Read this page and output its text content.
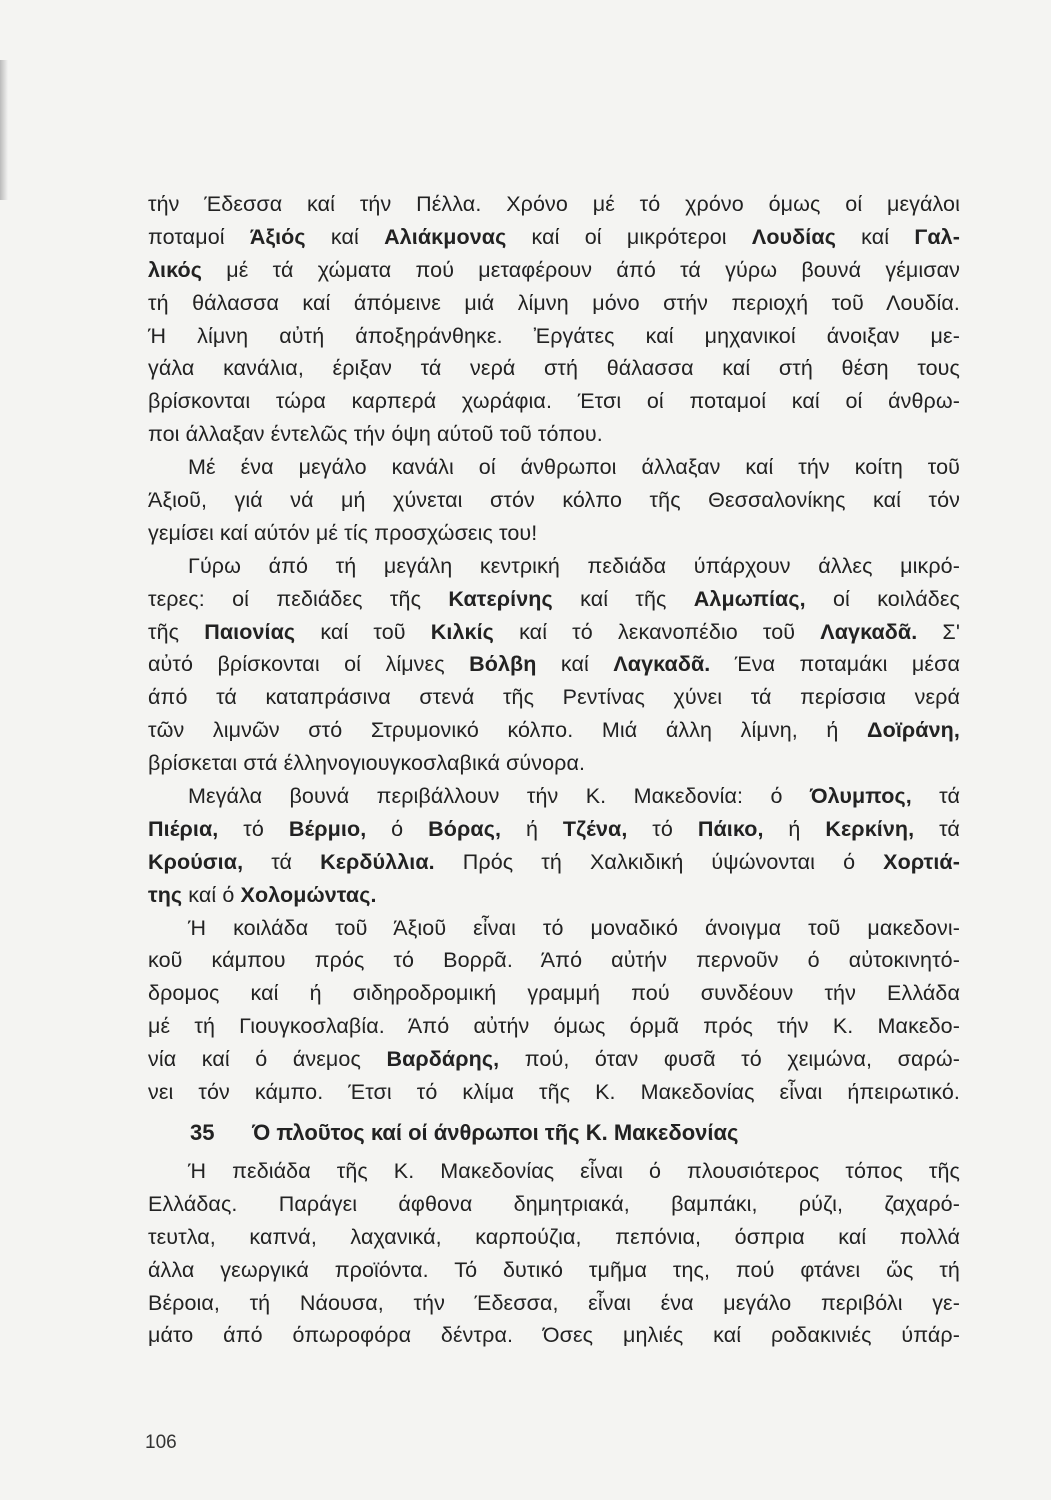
τήν Έδεσσα καί τήν Πέλλα. Χρόνο μέ τό χρόνο όμως οί μεγάλοι
ποταμοί Άξιός καί Αλιάκμονας καί οί μικρότεροι Λουδίας καί Γαλ-
λικός μέ τά χώματα πού μεταφέρουν άπό τά γύρω βουνά γέμισαν
τή θάλασσα καί άπόμεινε μιά λίμνη μόνο στήν περιοχή τοῦ Λουδία.
Ή λίμνη αὐτή άποξηράνθηκε. Ἐργάτες καί μηχανικοί άνοιξαν με-
γάλα κανάλια, έριξαν τά νερά στή θάλασσα καί στή θέση τους
βρίσκονται τώρα καρπερά χωράφια. Έτσι οί ποταμοί καί οί άνθρω-
ποι άλλαξαν έντελῶς τήν όψη αύτοῦ τοῦ τόπου.
Μέ ένα μεγάλο κανάλι οί άνθρωποι άλλαξαν καί τήν κοίτη τοῦ
Άξιοῦ, γιά νά μή χύνεται στόν κόλπο τῆς Θεσσαλονίκης καί τόν
γεμίσει καί αύτόν μέ τίς προσχώσεις του!
Γύρω άπό τή μεγάλη κεντρική πεδιάδα ύπάρχουν άλλες μικρό-
τερες: οί πεδιάδες τῆς Κατερίνης καί τῆς Αλμωπίας, οί κοιλάδες
τῆς Παιονίας καί τοῦ Κιλκίς καί τό λεκανοπέδιο τοῦ Λαγκαδᾶ. Σ'
αὐτό βρίσκονται οί λίμνες Βόλβη καί Λαγκαδᾶ. Ένα ποταμάκι μέσα
άπό τά καταπράσινα στενά τῆς Ρεντίνας χύνει τά περίσσια νερά
τῶν λιμνῶν στό Στρυμονικό κόλπο. Μιά άλλη λίμνη, ή Δοϊράνη,
βρίσκεται στά έλληνογιουγκοσλαβικά σύνορα.
Μεγάλα βουνά περιβάλλουν τήν Κ. Μακεδονία: ό Όλυμπος, τά
Πιέρια, τό Βέρμιο, ό Βόρας, ή Τζένα, τό Πάικο, ή Κερκίνη, τά
Κρούσια, τά Κερδύλλια. Πρός τή Χαλκιδική ύψώνονται ό Χορτιά-
της καί ό Χολομώντας.
Ή κοιλάδα τοῦ Άξιοῦ εἶναι τό μοναδικό άνοιγμα τοῦ μακεδονι-
κοῦ κάμπου πρός τό Βορρᾶ. Άπό αὐτήν περνοῦν ό αὐτοκινητό-
δρομος καί ή σιδηροδρομική γραμμή πού συνδέουν τήν Ελλάδα
μέ τή Γιουγκοσλαβία. Άπό αὐτήν όμως όρμᾶ πρός τήν Κ. Μακεδο-
νία καί ό άνεμος Βαρδάρης, πού, όταν φυσᾶ τό χειμώνα, σαρώ-
νει τόν κάμπο. Έτσι τό κλίμα τῆς Κ. Μακεδονίας εἶναι ήπειρωτικό.
35 Ό πλοῦτος καί οί άνθρωποι τῆς Κ. Μακεδονίας
Ή πεδιάδα τῆς Κ. Μακεδονίας εἶναι ό πλουσιότερος τόπος τῆς
Ελλάδας. Παράγει άφθονα δημητριακά, βαμπάκι, ρύζι, ζαχαρό-
τευτλα, καπνά, λαχανικά, καρπούζια, πεπόνια, όσπρια καί πολλά
άλλα γεωργικά προϊόντα. Τό δυτικό τμῆμα της, πού φτάνει ὥς τή
Βέροια, τή Νάουσα, τήν Έδεσσα, εἶναι ένα μεγάλο περιβόλι γε-
μάτο άπό όπωροφόρα δέντρα. Όσες μηλιές καί ροδακινιές ύπάρ-
106
